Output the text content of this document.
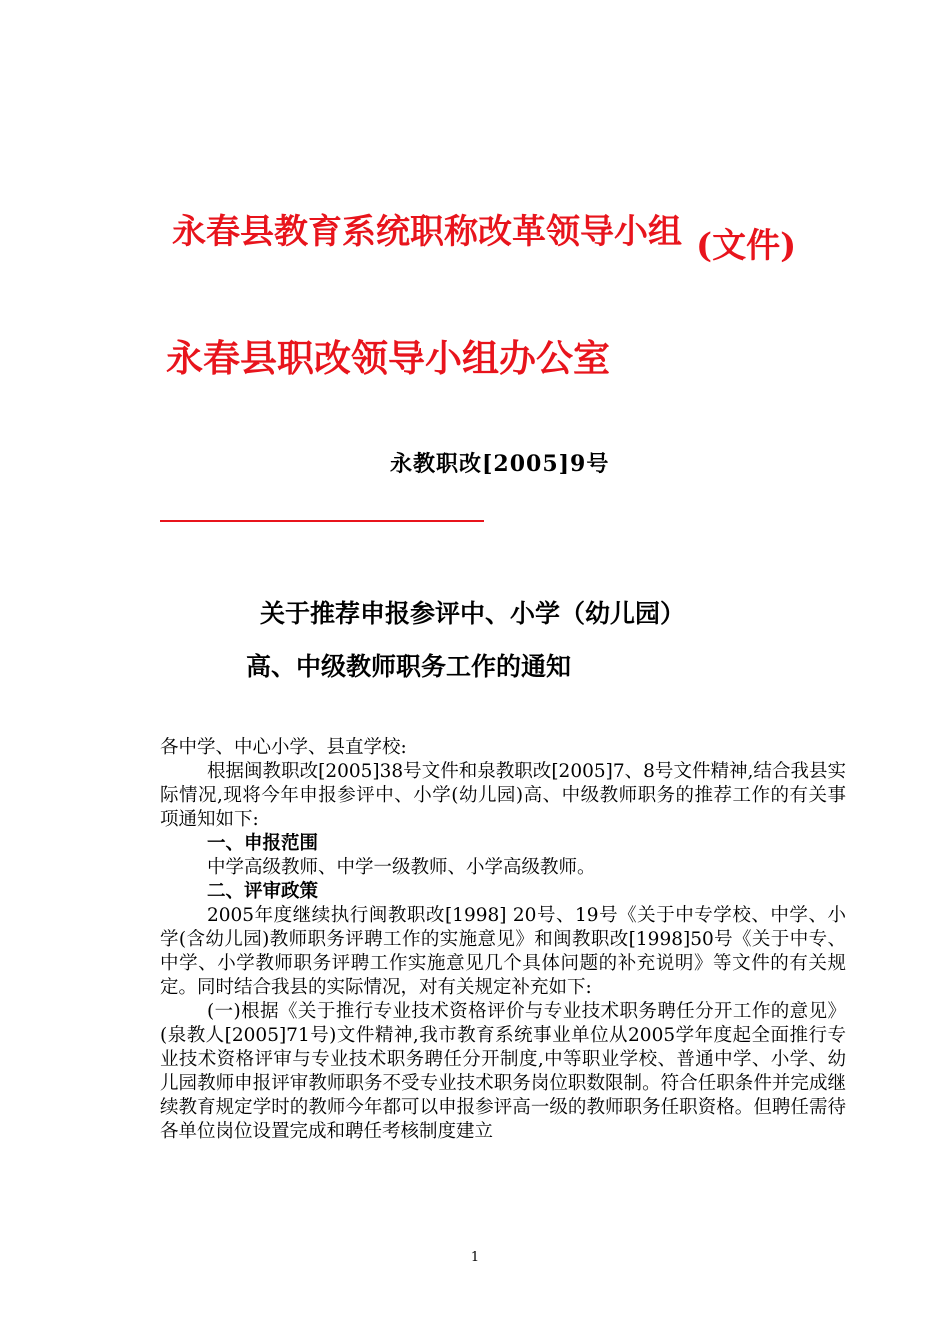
永春县教育系统职称改革领导小组 (文件)
永春县职改领导小组办公室
永教职改[2005]9号
关于推荐申报参评中、小学（幼儿园）
高、中级教师职务工作的通知

各中学、中心小学、县直学校:

根据闽教职改[2005]38号文件和泉教职改[2005]7、8号文件精神,结合我县实际情况,现将今年申报参评中、小学(幼儿园)高、中级教师职务的推荐工作的有关事项通知如下:

一、申报范围

中学高级教师、中学一级教师、小学高级教师。

二、评审政策

2005年度继续执行闽教职改[1998] 20号、19号《关于中专学校、中学、小学(含幼儿园)教师职务评聘工作的实施意见》和闽教职改[1998]50号《关于中专、中学、小学教师职务评聘工作实施意见几个具体问题的补充说明》等文件的有关规定。同时结合我县的实际情况，对有关规定补充如下:

(一)根据《关于推行专业技术资格评价与专业技术职务聘任分开工作的意见》(泉教人[2005]71号)文件精神,我市教育系统事业单位从2005学年度起全面推行专业技术资格评审与专业技术职务聘任分开制度,中等职业学校、普通中学、小学、幼儿园教师申报评审教师职务不受专业技术职务岗位职数限制。符合任职条件并完成继续教育规定学时的教师今年都可以申报参评高一级的教师职务任职资格。但聘任需待各单位岗位设置完成和聘任考核制度建立

1
